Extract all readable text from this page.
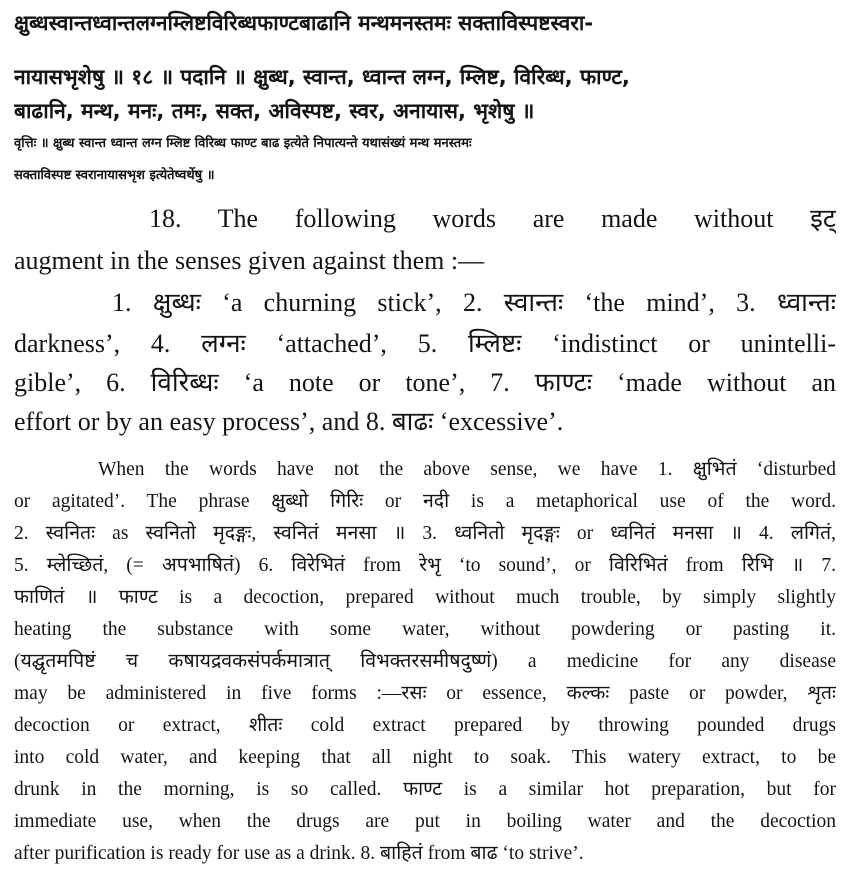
क्षुब्धस्वान्तध्वान्तलग्नम्लिष्टविरिब्धफाण्टबाढानि मन्थमनस्तमः सक्ताविस्पष्टस्वरा-
नायासभृशेषु ॥ १८ ॥ पदानि ॥ क्षुब्ध, स्वान्त, ध्वान्त लग्न, म्लिष्ट, विरिब्ध, फाण्ट,
बाढानि, मन्थ, मनः, तमः, सक्त, अविस्पष्ट, स्वर, अनायास, भृशेषु ॥
वृत्तिः ॥ क्षुब्ध स्वान्त ध्वान्त लग्न म्लिष्ट विरिब्ध फाण्ट बाढ इत्येते निपात्यन्ते यथासंख्यं मन्थ मनस्तमः
सक्ताविस्पष्ट स्वरानायासभृश इत्येतेष्वर्थेषु ॥
18. The following words are made without इट्
augment in the senses given against them :—
1. क्षुब्धः ‘a churning stick’, 2. स्वान्तः ‘the mind’, 3. ध्वान्तः
darkness’, 4. लग्नः ‘attached’, 5. म्लिष्टः ‘indistinct or unintelli-
gible’, 6. विरिब्धः ‘a note or tone’, 7. फाण्टः ‘made without an
effort or by an easy process’, and 8. बाढः ‘excessive’.
When the words have not the above sense, we have 1. क्षुभितं ‘disturbed
or agitated’. The phrase क्षुब्धो गिरिः or नदी is a metaphorical use of the word.
2. स्वनितः as स्वनितो मृदङ्गः, स्वनितं मनसा ॥ 3. ध्वनितो मृदङ्गः or ध्वनितं मनसा ॥ 4. लगितं,
5. म्लेच्छितं, (= अपभाषितं) 6. विरेभितं from रेभृ ‘to sound’, or विरिभितं from रिभि ॥ 7.
फाणितं ॥ फाण्ट is a decoction, prepared without much trouble, by simply slightly
heating the substance with some water, without powdering or pasting it.
(यद्घृतमपिष्टं च कषायद्रवकसंपर्कमात्रात् विभक्तरसमीषदुष्णं) a medicine for any disease
may be administered in five forms :—रसः or essence, कल्कः paste or powder, शृतः
decoction or extract, शीतः cold extract prepared by throwing pounded drugs
into cold water, and keeping that all night to soak. This watery extract, to be
drunk in the morning, is so called. फाण्ट is a similar hot preparation, but for
immediate use, when the drugs are put in boiling water and the decoction
after purification is ready for use as a drink. 8. बाहितं from बाढ ‘to strive’.
